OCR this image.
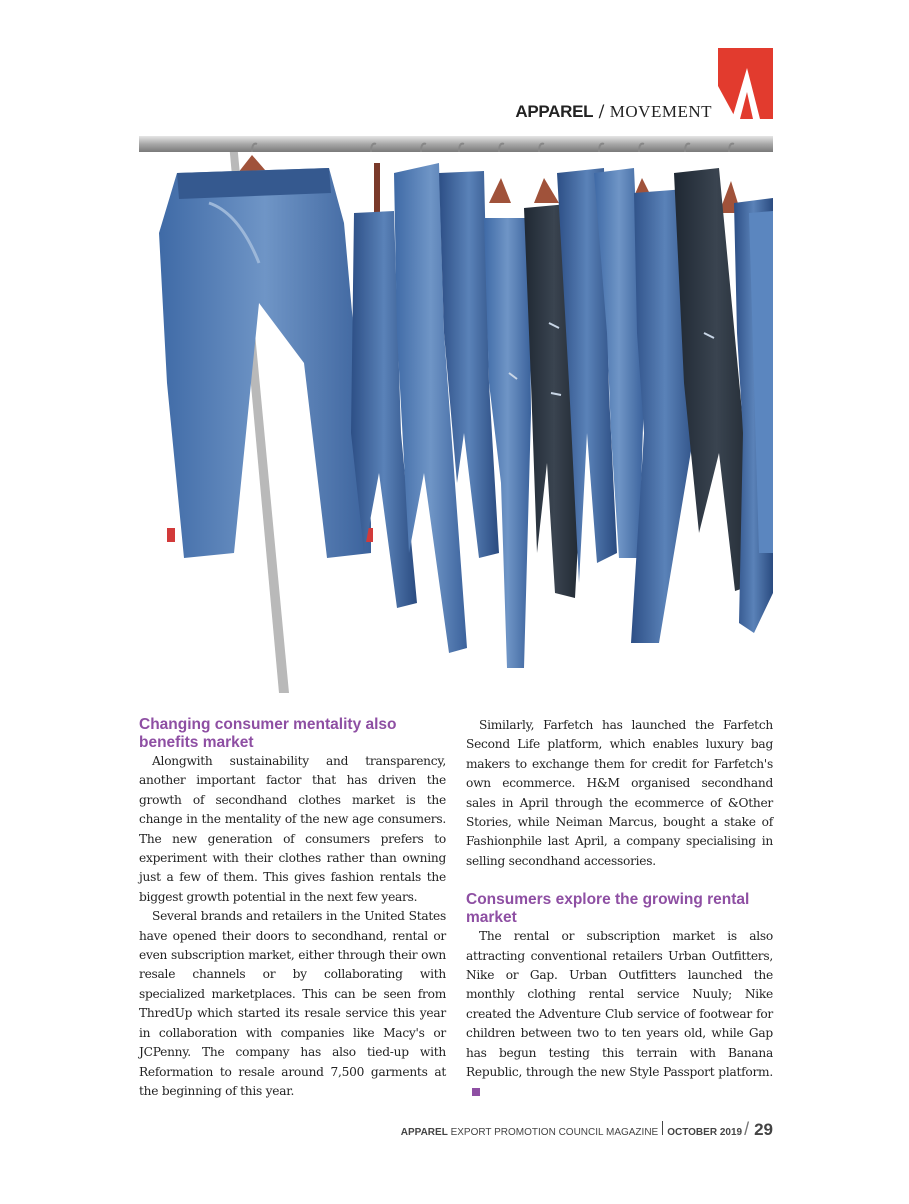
APPAREL / MOVEMENT
Changing consumer mentality also benefits market

Alongwith sustainability and transparency, another important factor that has driven the growth of secondhand clothes market is the change in the mentality of the new age consumers. The new generation of consumers prefers to experiment with their clothes rather than owning just a few of them. This gives fashion rentals the biggest growth potential in the next few years.

Several brands and retailers in the United States have opened their doors to secondhand, rental or even subscription market, either through their own resale channels or by collaborating with specialized marketplaces. This can be seen from ThredUp which started its resale service this year in collaboration with companies like Macy's or JCPenny. The company has also tied-up with Reformation to resale around 7,500 garments at the beginning of this year.

Similarly, Farfetch has launched the Farfetch Second Life platform, which enables luxury bag makers to exchange them for credit for Farfetch's own ecommerce. H&M organised secondhand sales in April through the ecommerce of &Other Stories, while Neiman Marcus, bought a stake of Fashionphile last April, a company specialising in selling secondhand accessories.

Consumers explore the growing rental market

The rental or subscription market is also attracting conventional retailers Urban Outfitters, Nike or Gap. Urban Outfitters launched the monthly clothing rental service Nuuly; Nike created the Adventure Club service of footwear for children between two to ten years old, while Gap has begun testing this terrain with Banana Republic, through the new Style Passport platform.

APPAREL
EXPORT PROMOTION COUNCIL MAGAZINE OCTOBER 2019 / 29
